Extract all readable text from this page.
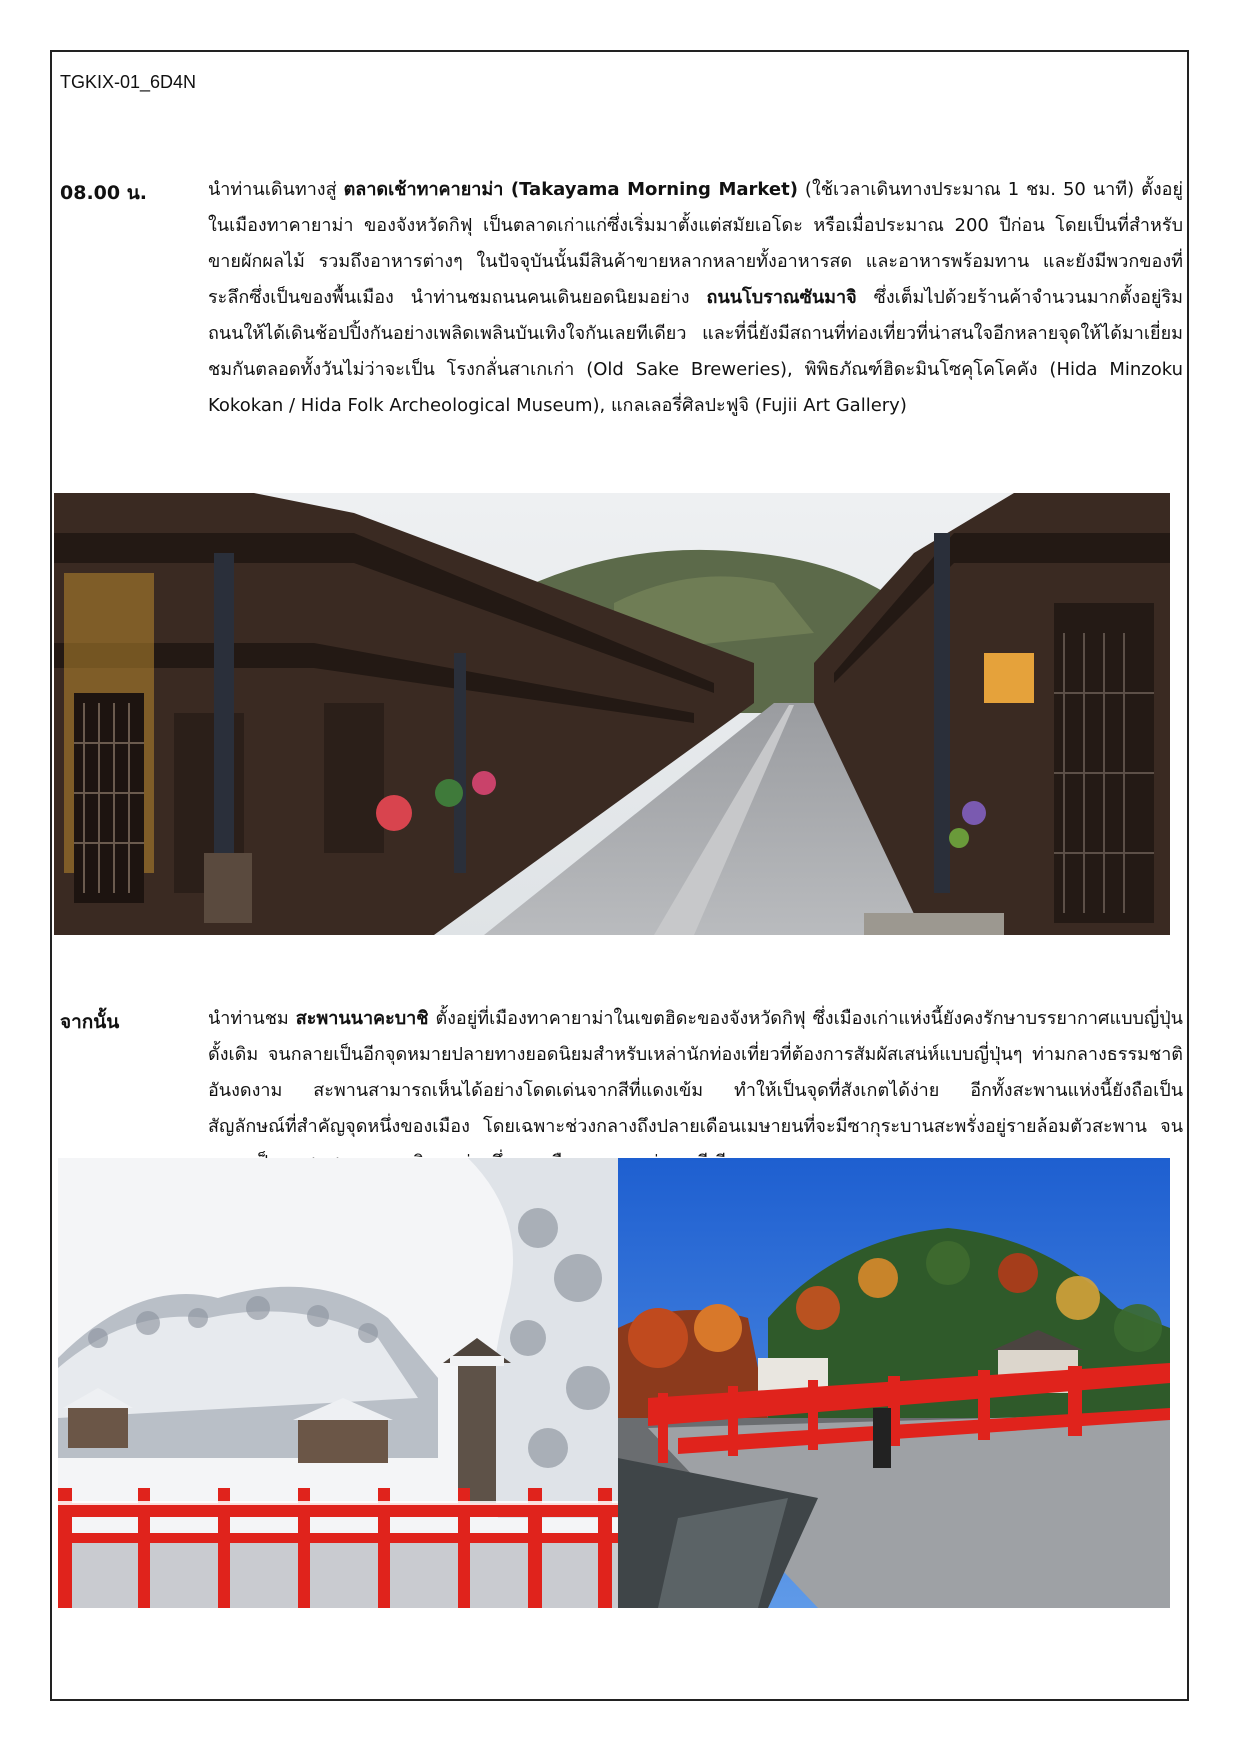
TGKIX-01_6D4N
08.00 น.	นำท่านเดินทางสู่ ตลาดเช้าทาคายาม่า (Takayama Morning Market) (ใช้เวลาเดินทางประมาณ 1 ชม. 50 นาที) ตั้งอยู่ในเมืองทาคายาม่า ของจังหวัดกิฟุ เป็นตลาดเก่าแก่ซึ่งเริ่มมาตั้งแต่สมัยเอโดะ หรือเมื่อประมาณ 200 ปีก่อน โดยเป็นที่สำหรับขายผักผลไม้ รวมถึงอาหารต่างๆ ในปัจจุบันนั้นมีสินค้าขายหลากหลายทั้งอาหารสด และอาหารพร้อมทาน และยังมีพวกของที่ระลึกซึ่งเป็นของพื้นเมือง นำท่านชมถนนคนเดินยอดนิยมอย่าง ถนนโบราณซันมาจิ ซึ่งเต็มไปด้วยร้านค้าจำนวนมากตั้งอยู่ริมถนนให้ได้เดินช้อปปิ้งกันอย่างเพลิดเพลินบันเทิงใจกันเลยทีเดียว และที่นี่ยังมีสถานที่ท่องเที่ยวที่น่าสนใจอีกหลายจุดให้ได้มาเยี่ยมชมกันตลอดทั้งวันไม่ว่าจะเป็น โรงกลั่นสาเกเก่า (Old Sake Breweries), พิพิธภัณฑ์ฮิดะมินโซคุโคโคคัง (Hida Minzoku Kokokan / Hida Folk Archeological Museum), แกลเลอรี่ศิลปะฟูจิ (Fujii Art Gallery)
จากนั้น	นำท่านชม สะพานนาคะบาชิ ตั้งอยู่ที่เมืองทาคายาม่าในเขตฮิดะของจังหวัดกิฟุ ซึ่งเมืองเก่าแห่งนี้ยังคงรักษาบรรยากาศแบบญี่ปุ่นดั้งเดิม จนกลายเป็นอีกจุดหมายปลายทางยอดนิยมสำหรับเหล่านักท่องเที่ยวที่ต้องการสัมผัสเสน่ห์แบบญี่ปุ่นๆ ท่ามกลางธรรมชาติอันงดงาม สะพานสามารถเห็นได้อย่างโดดเด่นจากสีที่แดงเข้ม ทำให้เป็นจุดที่สังเกตได้ง่าย อีกทั้งสะพานแห่งนี้ยังถือเป็นสัญลักษณ์ที่สำคัญจุดหนึ่งของเมือง โดยเฉพาะช่วงกลางถึงปลายเดือนเมษายนที่จะมีซากุระบานสะพรั่งอยู่รายล้อมตัวสะพาน จน
